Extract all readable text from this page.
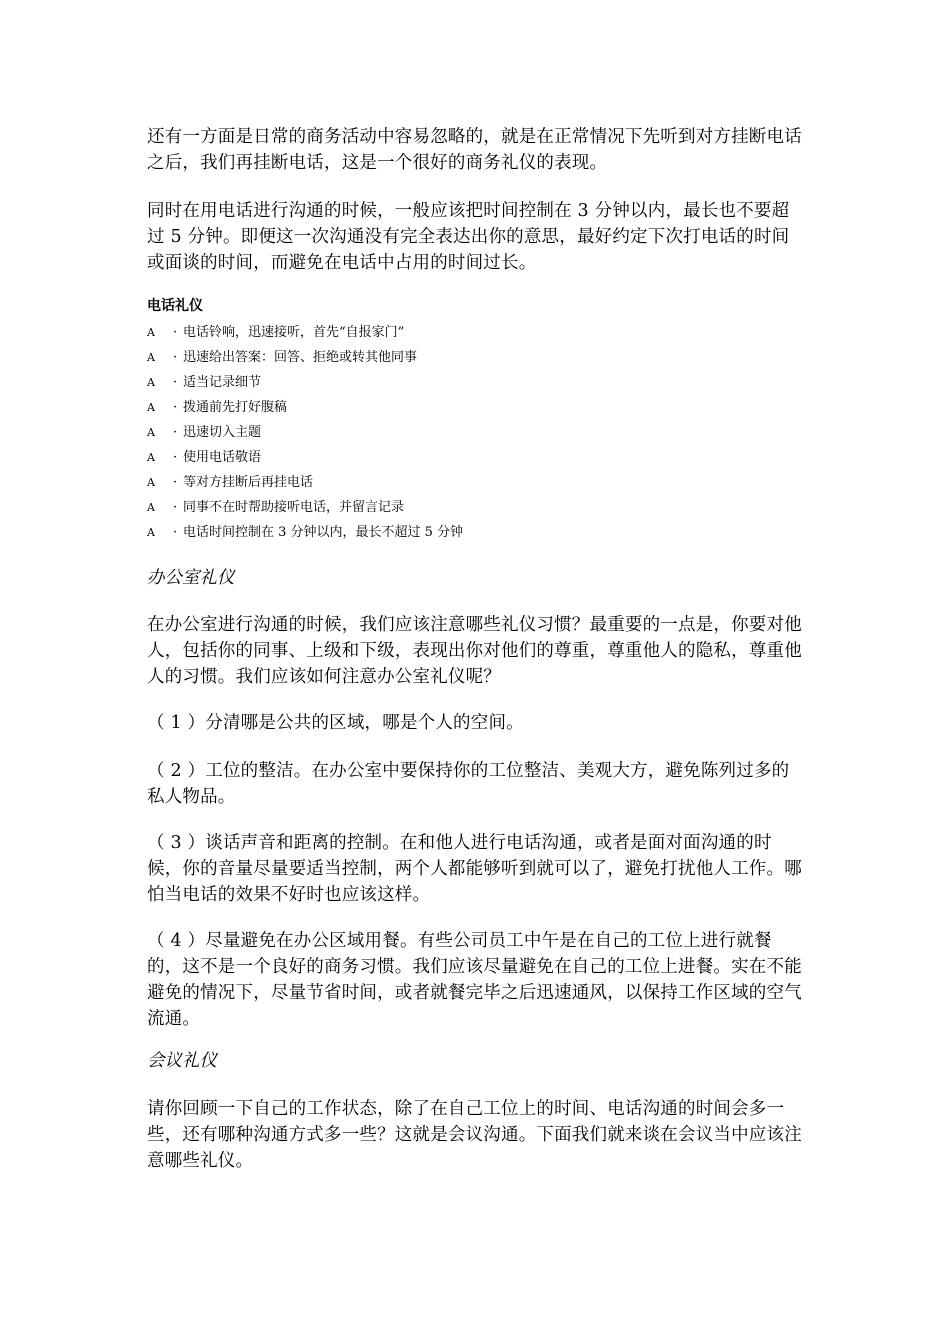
还有一方面是日常的商务活动中容易忽略的，就是在正常情况下先听到对方挂断电话之后，我们再挂断电话，这是一个很好的商务礼仪的表现。

同时在用电话进行沟通的时候，一般应该把时间控制在 3 分钟以内，最长也不要超过 5 分钟。即便这一次沟通没有完全表达出你的意思，最好约定下次打电话的时间或面谈的时间，而避免在电话中占用的时间过长。

电话礼仪
A · 电话铃响，迅速接听，首先“自报家门”
A · 迅速给出答案：回答、拒绝或转其他同事
A · 适当记录细节
A · 拨通前先打好腹稿
A · 迅速切入主题
A · 使用电话敬语
A · 等对方挂断后再挂电话
A · 同事不在时帮助接听电话，并留言记录
A · 电话时间控制在 3 分钟以内，最长不超过 5 分钟
办公室礼仪

在办公室进行沟通的时候，我们应该注意哪些礼仪习惯？最重要的一点是，你要对他人，包括你的同事、上级和下级，表现出你对他们的尊重，尊重他人的隐私，尊重他人的习惯。我们应该如何注意办公室礼仪呢？

（ 1 ）分清哪是公共的区域，哪是个人的空间。

（ 2 ）工位的整洁。在办公室中要保持你的工位整洁、美观大方，避免陈列过多的私人物品。

（ 3 ）谈话声音和距离的控制。在和他人进行电话沟通，或者是面对面沟通的时候，你的音量尽量要适当控制，两个人都能够听到就可以了，避免打扰他人工作。哪怕当电话的效果不好时也应该这样。

（ 4 ）尽量避免在办公区域用餐。有些公司员工中午是在自己的工位上进行就餐的，这不是一个良好的商务习惯。我们应该尽量避免在自己的工位上进餐。实在不能避免的情况下，尽量节省时间，或者就餐完毕之后迅速通风，以保持工作区域的空气流通。

会议礼仪

请你回顾一下自己的工作状态，除了在自己工位上的时间、电话沟通的时间会多一些，还有哪种沟通方式多一些？这就是会议沟通。下面我们就来谈在会议当中应该注意哪些礼仪。
